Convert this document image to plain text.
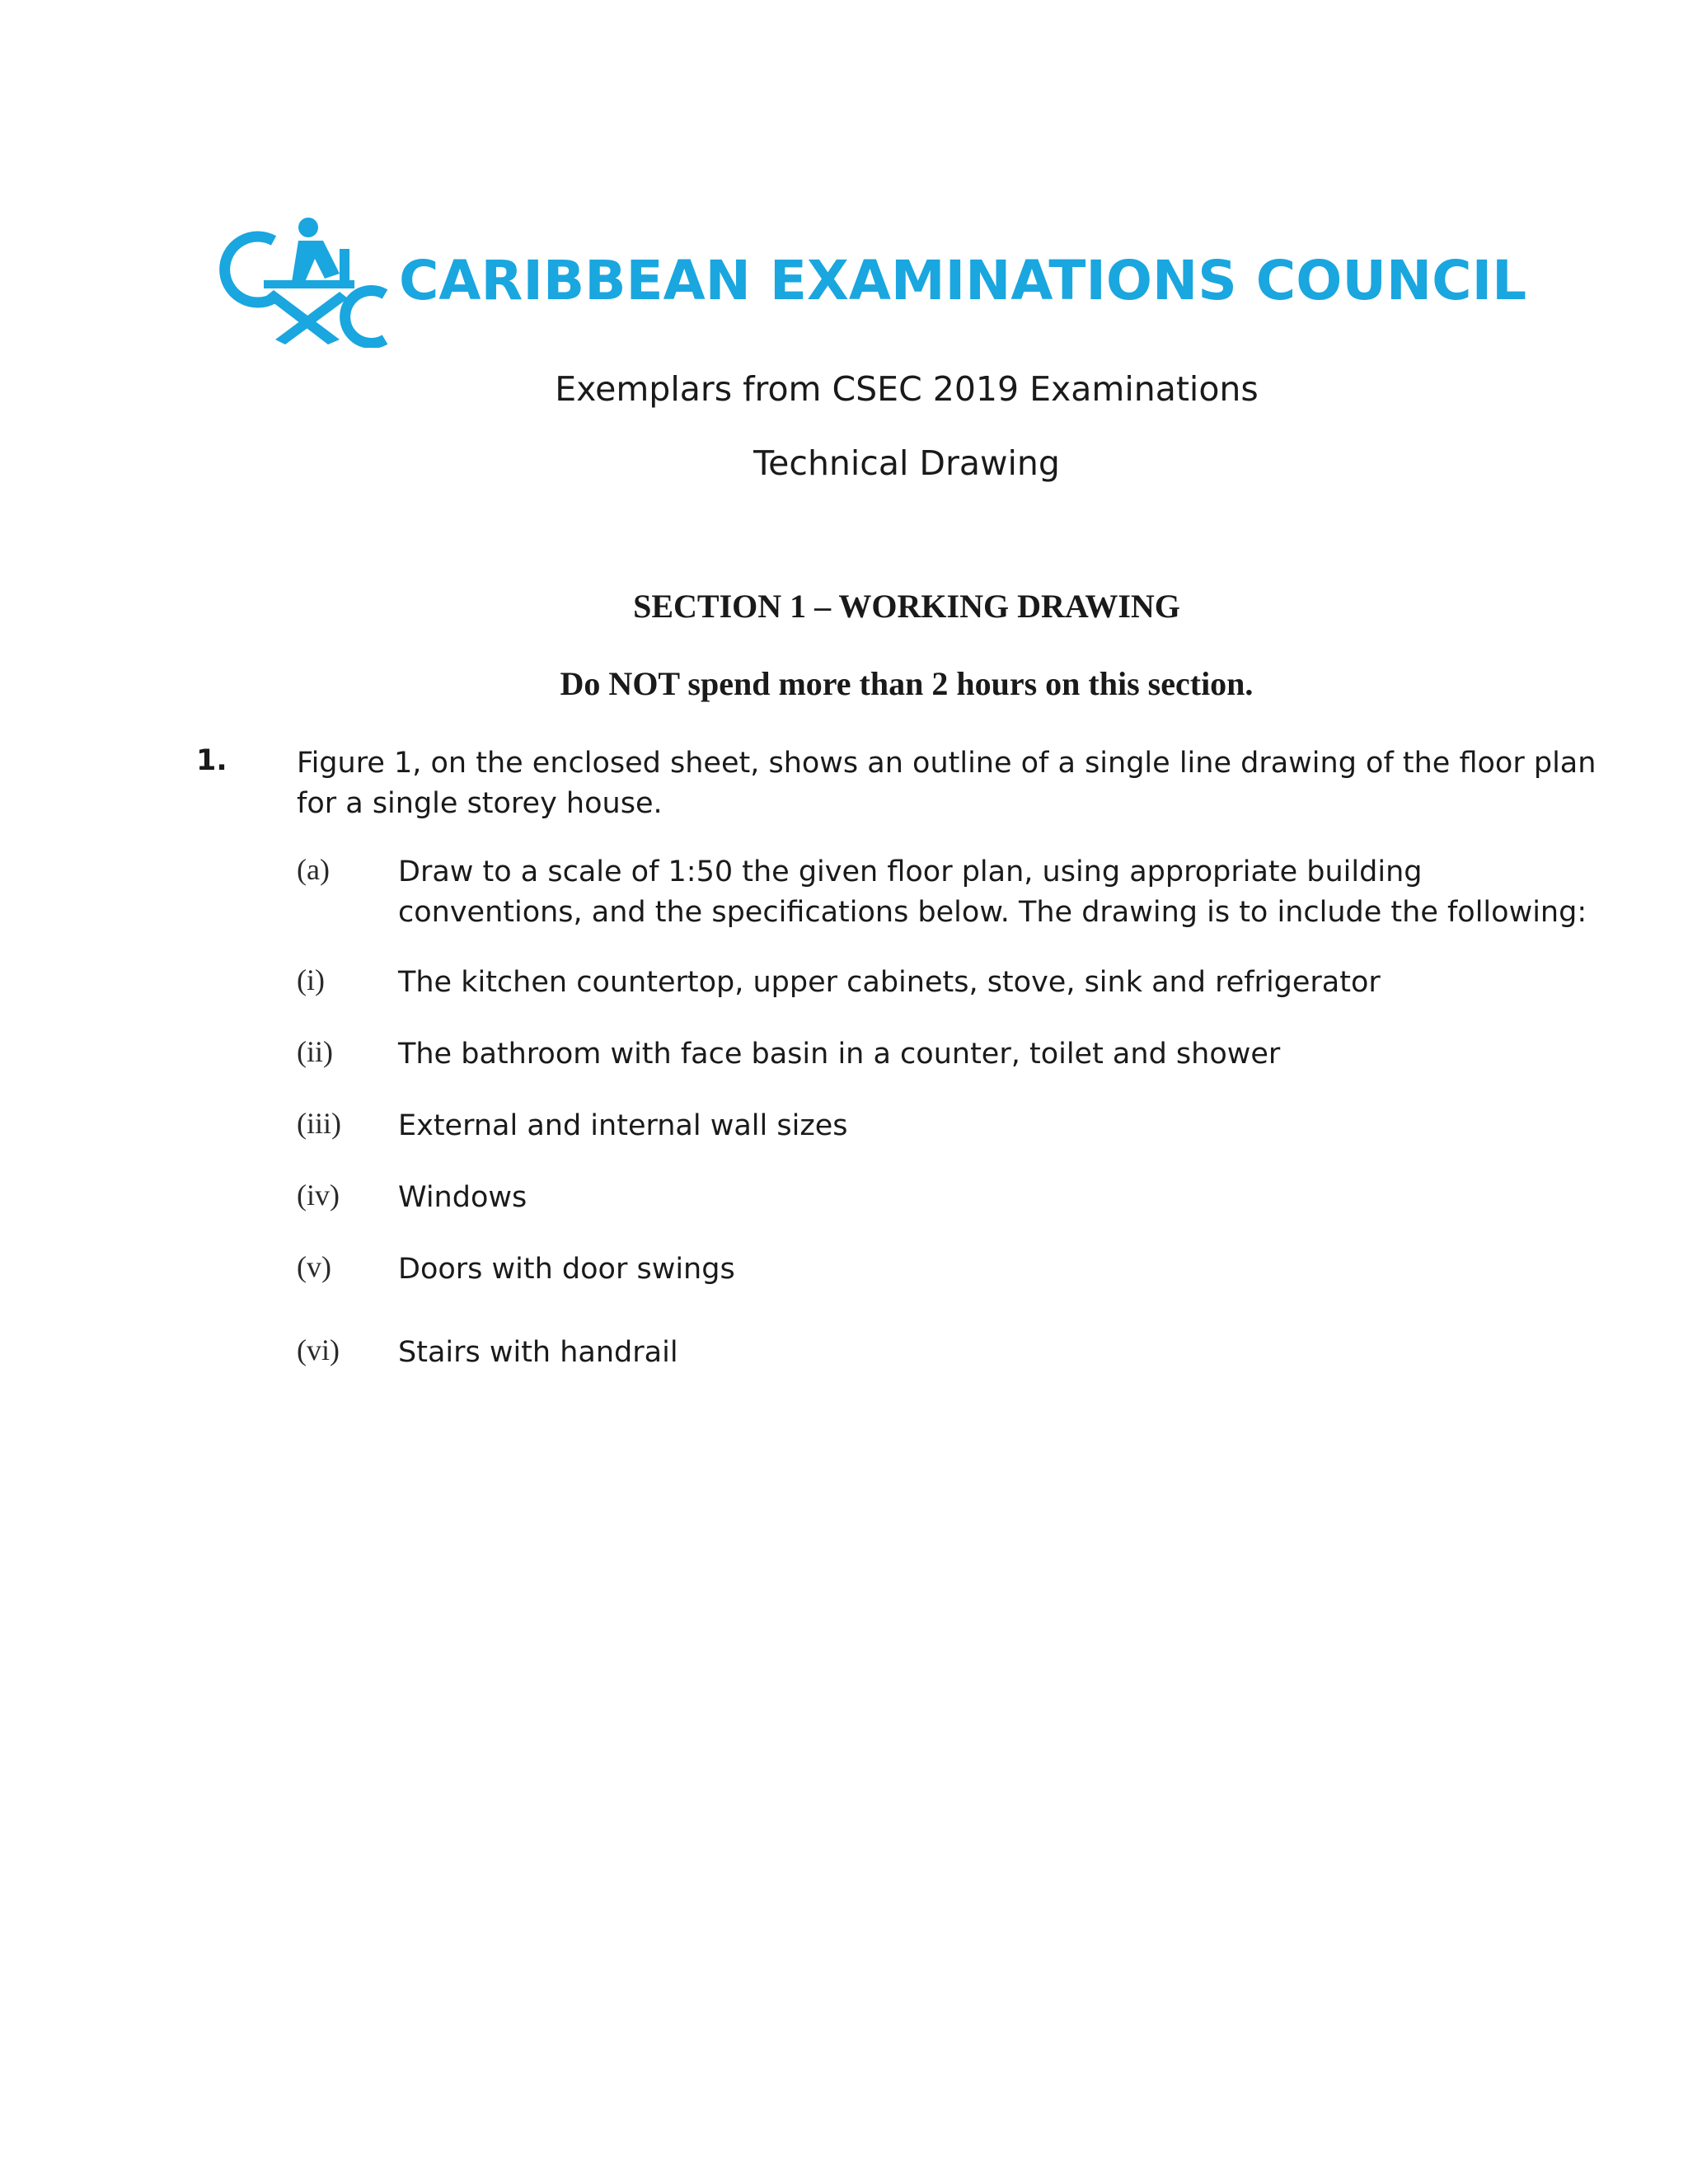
CXC
CARIBBEAN EXAMINATIONS COUNCIL
Exemplars from CSEC 2019 Examinations
Technical Drawing
SECTION 1 – WORKING DRAWING
Do NOT spend more than 2 hours on this section.
1. Figure 1, on the enclosed sheet, shows an outline of a single line drawing of the floor plan for a single storey house.
(a) Draw to a scale of 1:50 the given floor plan, using appropriate building conventions, and the specifications below. The drawing is to include the following:
(i)	The kitchen countertop, upper cabinets, stove, sink and refrigerator
(ii) The bathroom with face basin in a counter, toilet and shower
(iii) External and internal wall sizes
(iv) Windows
(v) Doors with door swings
(vi) Stairs with handrail
